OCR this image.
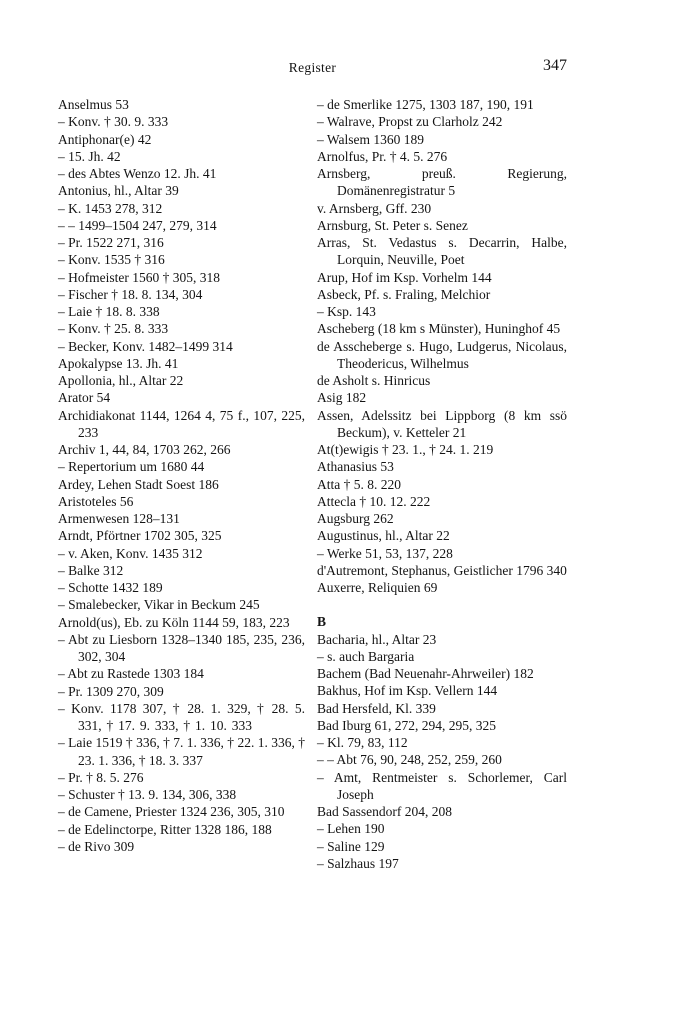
Register	347
Anselmus 53
– Konv. † 30. 9. 333
Antiphonar(e) 42
– 15. Jh. 42
– des Abtes Wenzo 12. Jh. 41
Antonius, hl., Altar 39
– K. 1453 278, 312
– – 1499–1504 247, 279, 314
– Pr. 1522 271, 316
– Konv. 1535 † 316
– Hofmeister 1560 † 305, 318
– Fischer † 18. 8. 134, 304
– Laie † 18. 8. 338
– Konv. † 25. 8. 333
– Becker, Konv. 1482–1499 314
Apokalypse 13. Jh. 41
Apollonia, hl., Altar 22
Arator 54
Archidiakonat 1144, 1264 4, 75 f., 107, 225, 233
Archiv 1, 44, 84, 1703 262, 266
– Repertorium um 1680 44
Ardey, Lehen Stadt Soest 186
Aristoteles 56
Armenwesen 128–131
Arndt, Pförtner 1702 305, 325
– v. Aken, Konv. 1435 312
– Balke 312
– Schotte 1432 189
– Smalebecker, Vikar in Beckum 245
Arnold(us), Eb. zu Köln 1144 59, 183, 223
– Abt zu Liesborn 1328–1340 185, 235, 236, 302, 304
– Abt zu Rastede 1303 184
– Pr. 1309 270, 309
– Konv. 1178 307, † 28. 1. 329, † 28. 5. 331, † 17. 9. 333, † 1. 10. 333
– Laie 1519 † 336, † 7. 1. 336, † 22. 1. 336, † 23. 1. 336, † 18. 3. 337
– Pr. † 8. 5. 276
– Schuster † 13. 9. 134, 306, 338
– de Camene, Priester 1324 236, 305, 310
– de Edelinctorpe, Ritter 1328 186, 188
– de Rivo 309
– de Smerlike 1275, 1303 187, 190, 191
– Walrave, Propst zu Clarholz 242
– Walsem 1360 189
Arnolfus, Pr. † 4. 5. 276
Arnsberg, preuß. Regierung, Domänenregistratur 5
v. Arnsberg, Gff. 230
Arnsburg, St. Peter s. Senez
Arras, St. Vedastus s. Decarrin, Halbe, Lorquin, Neuville, Poet
Arup, Hof im Ksp. Vorhelm 144
Asbeck, Pf. s. Fraling, Melchior
– Ksp. 143
Ascheberg (18 km s Münster), Huninghof 45
de Asscheberge s. Hugo, Ludgerus, Nicolaus, Theodericus, Wilhelmus
de Asholt s. Hinricus
Asig 182
Assen, Adelssitz bei Lippborg (8 km ssö Beckum), v. Ketteler 21
At(t)ewigis † 23. 1., † 24. 1. 219
Athanasius 53
Atta † 5. 8. 220
Attecla † 10. 12. 222
Augsburg 262
Augustinus, hl., Altar 22
– Werke 51, 53, 137, 228
d'Autremont, Stephanus, Geistlicher 1796 340
Auxerre, Reliquien 69
B
Bacharia, hl., Altar 23
– s. auch Bargaria
Bachem (Bad Neuenahr-Ahrweiler) 182
Bakhus, Hof im Ksp. Vellern 144
Bad Hersfeld, Kl. 339
Bad Iburg 61, 272, 294, 295, 325
– Kl. 79, 83, 112
– – Abt 76, 90, 248, 252, 259, 260
– Amt, Rentmeister s. Schorlemer, Carl Joseph
Bad Sassendorf 204, 208
– Lehen 190
– Saline 129
– Salzhaus 197
